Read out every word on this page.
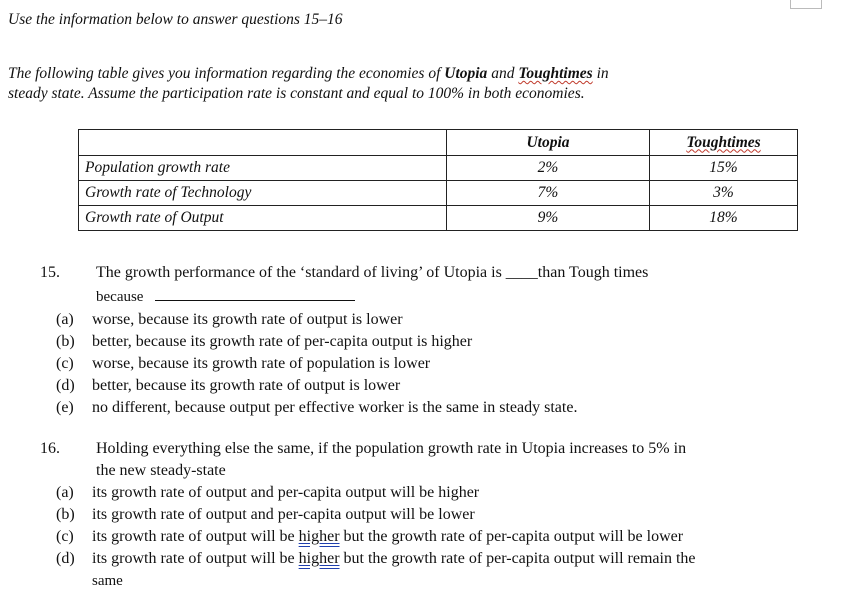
Use the information below to answer questions 15–16
The following table gives you information regarding the economies of Utopia and Toughtimes in
steady state. Assume the participation rate is constant and equal to 100% in both economies.
	Utopia	Toughtimes
Population growth rate	2%	15%
Growth rate of Technology	7%	3%
Growth rate of Output	9%	18%
15. The growth performance of the ‘standard of living’ of Utopia is ____than Tough times
because
(a) worse, because its growth rate of output is lower
(b) better, because its growth rate of per-capita output is higher
(c) worse, because its growth rate of population is lower
(d) better, because its growth rate of output is lower
(e) no different, because output per effective worker is the same in steady state.
16. Holding everything else the same, if the population growth rate in Utopia increases to 5% in
the new steady-state
(a) its growth rate of output and per-capita output will be higher
(b) its growth rate of output and per-capita output will be lower
(c) its growth rate of output will be higher but the growth rate of per-capita output will be lower
(d) its growth rate of output will be higher but the growth rate of per-capita output will remain the
same
